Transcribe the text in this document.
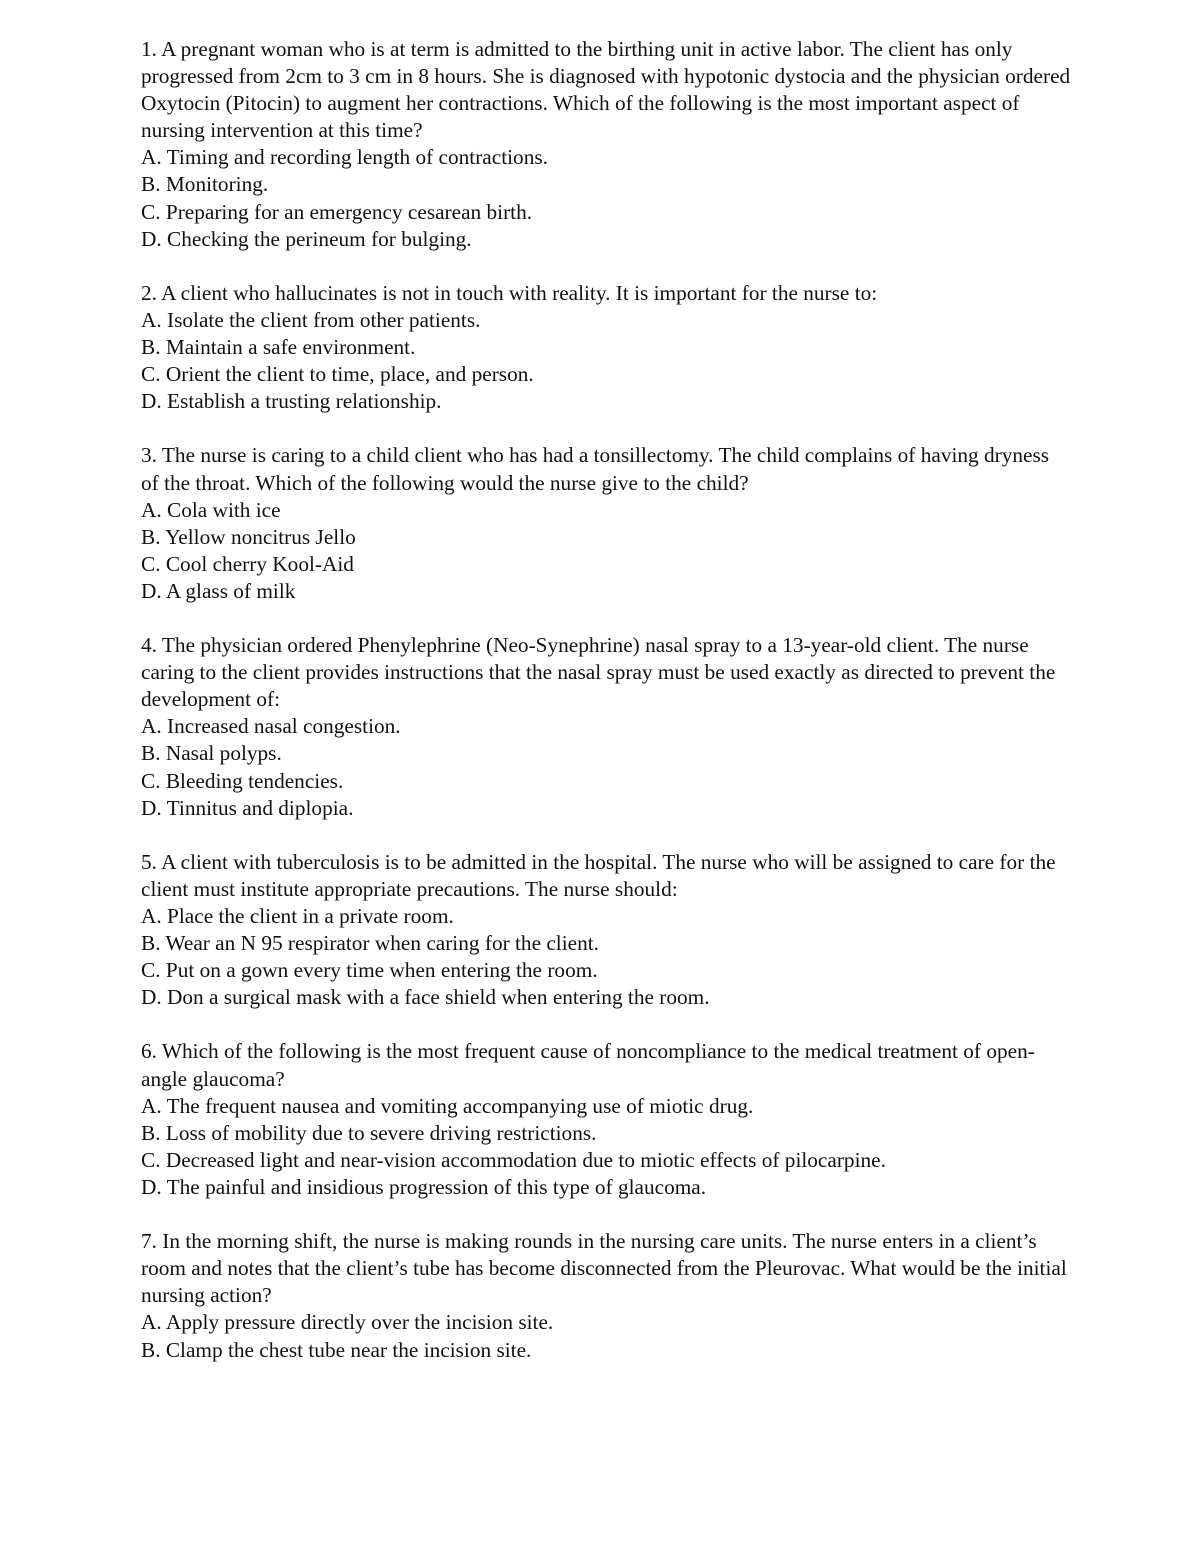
1. A pregnant woman who is at term is admitted to the birthing unit in active labor. The client has only progressed from 2cm to 3 cm in 8 hours. She is diagnosed with hypotonic dystocia and the physician ordered Oxytocin (Pitocin) to augment her contractions. Which of the following is the most important aspect of nursing intervention at this time?
A. Timing and recording length of contractions.
B. Monitoring.
C. Preparing for an emergency cesarean birth.
D. Checking the perineum for bulging.
2. A client who hallucinates is not in touch with reality. It is important for the nurse to:
A. Isolate the client from other patients.
B. Maintain a safe environment.
C. Orient the client to time, place, and person.
D. Establish a trusting relationship.
3. The nurse is caring to a child client who has had a tonsillectomy. The child complains of having dryness of the throat. Which of the following would the nurse give to the child?
A. Cola with ice
B. Yellow noncitrus Jello
C. Cool cherry Kool-Aid
D. A glass of milk
4. The physician ordered Phenylephrine (Neo-Synephrine) nasal spray to a 13-year-old client. The nurse caring to the client provides instructions that the nasal spray must be used exactly as directed to prevent the development of:
A. Increased nasal congestion.
B. Nasal polyps.
C. Bleeding tendencies.
D. Tinnitus and diplopia.
5. A client with tuberculosis is to be admitted in the hospital. The nurse who will be assigned to care for the client must institute appropriate precautions. The nurse should:
A. Place the client in a private room.
B. Wear an N 95 respirator when caring for the client.
C. Put on a gown every time when entering the room.
D. Don a surgical mask with a face shield when entering the room.
6. Which of the following is the most frequent cause of noncompliance to the medical treatment of open-angle glaucoma?
A. The frequent nausea and vomiting accompanying use of miotic drug.
B. Loss of mobility due to severe driving restrictions.
C. Decreased light and near-vision accommodation due to miotic effects of pilocarpine.
D. The painful and insidious progression of this type of glaucoma.
7. In the morning shift, the nurse is making rounds in the nursing care units. The nurse enters in a client’s room and notes that the client’s tube has become disconnected from the Pleurovac. What would be the initial nursing action?
A. Apply pressure directly over the incision site.
B. Clamp the chest tube near the incision site.
